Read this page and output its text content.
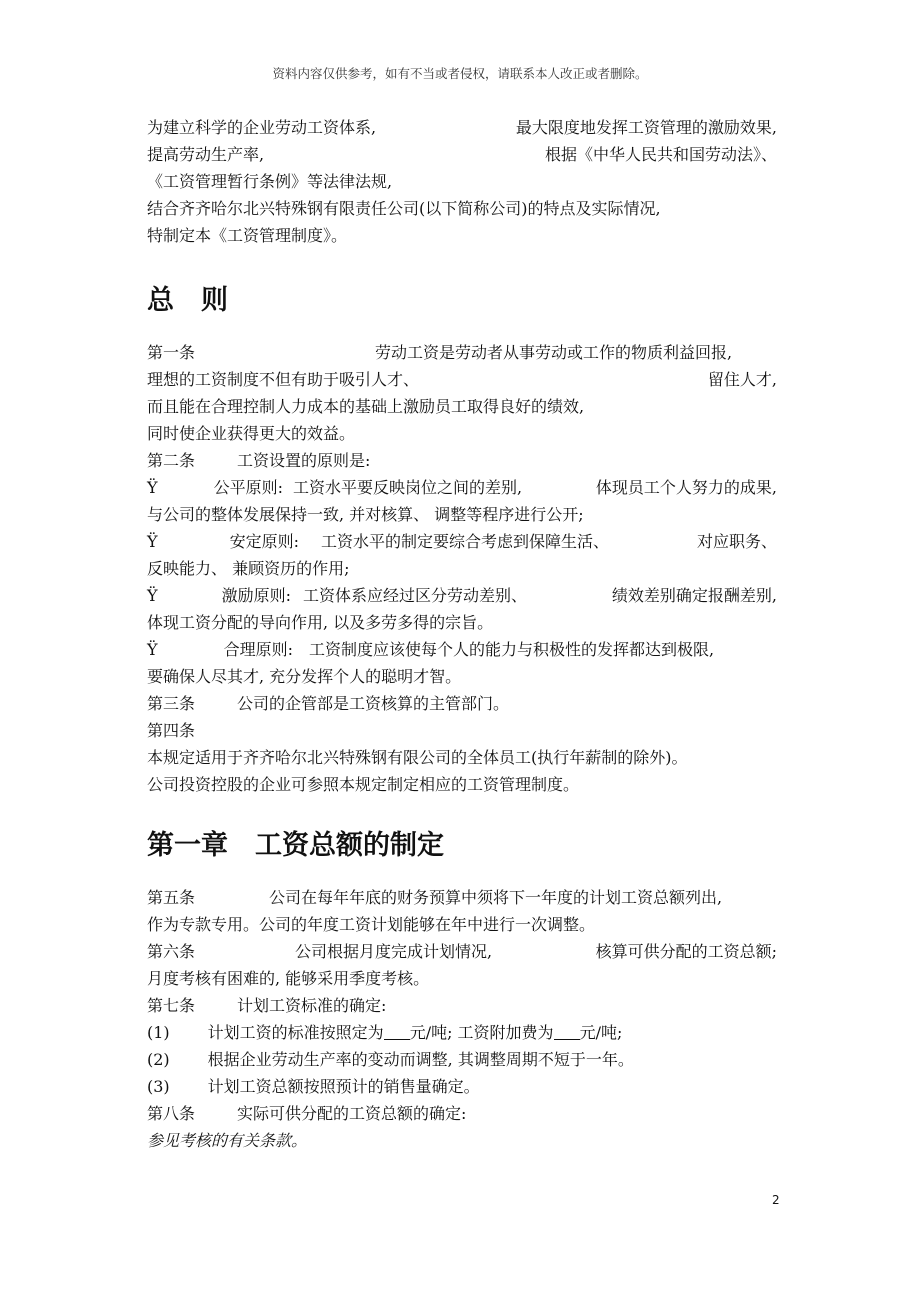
资料内容仅供参考，如有不当或者侵权，请联系本人改正或者删除。
为建立科学的企业劳动工资体系,	最大限度地发挥工资管理的激励效果,
提高劳动生产率,	根据《中华人民共和国劳动法》、
《工资管理暂行条例》等法律法规,
结合齐齐哈尔北兴特殊钢有限责任公司(以下简称公司)的特点及实际情况,
特制定本《工资管理制度》。
总　则
第一条	劳动工资是劳动者从事劳动或工作的物质利益回报,
理想的工资制度不但有助于吸引人才、	留住人才,
而且能在合理控制人力成本的基础上激励员工取得良好的绩效,
同时使企业获得更大的效益。
第二条	工资设置的原则是:
Ÿ	公平原则: 工资水平要反映岗位之间的差别,	体现员工个人努力的成果,
与公司的整体发展保持一致, 并对核算、 调整等程序进行公开;
Ÿ	安定原则: 工资水平的制定要综合考虑到保障生活、	对应职务、
反映能力、 兼顾资历的作用;
Ÿ	激励原则: 工资体系应经过区分劳动差别、	绩效差别确定报酬差别,
体现工资分配的导向作用, 以及多劳多得的宗旨。
Ÿ	合理原则: 工资制度应该使每个人的能力与积极性的发挥都达到极限,
要确保人尽其才, 充分发挥个人的聪明才智。
第三条	公司的企管部是工资核算的主管部门。
第四条
本规定适用于齐齐哈尔北兴特殊钢有限公司的全体员工(执行年薪制的除外)。
公司投资控股的企业可参照本规定制定相应的工资管理制度。
第一章　工资总额的制定
第五条	公司在每年年底的财务预算中须将下一年度的计划工资总额列出,
作为专款专用。公司的年度工资计划能够在年中进行一次调整。
第六条	公司根据月度完成计划情况,	核算可供分配的工资总额;
月度考核有困难的, 能够采用季度考核。
第七条	计划工资标准的确定:
(1) 计划工资的标准按照定为 元/吨; 工资附加费为 元/吨;
(2) 根据企业劳动生产率的变动而调整, 其调整周期不短于一年。
(3) 计划工资总额按照预计的销售量确定。
第八条	实际可供分配的工资总额的确定:
参见考核的有关条款。
2
